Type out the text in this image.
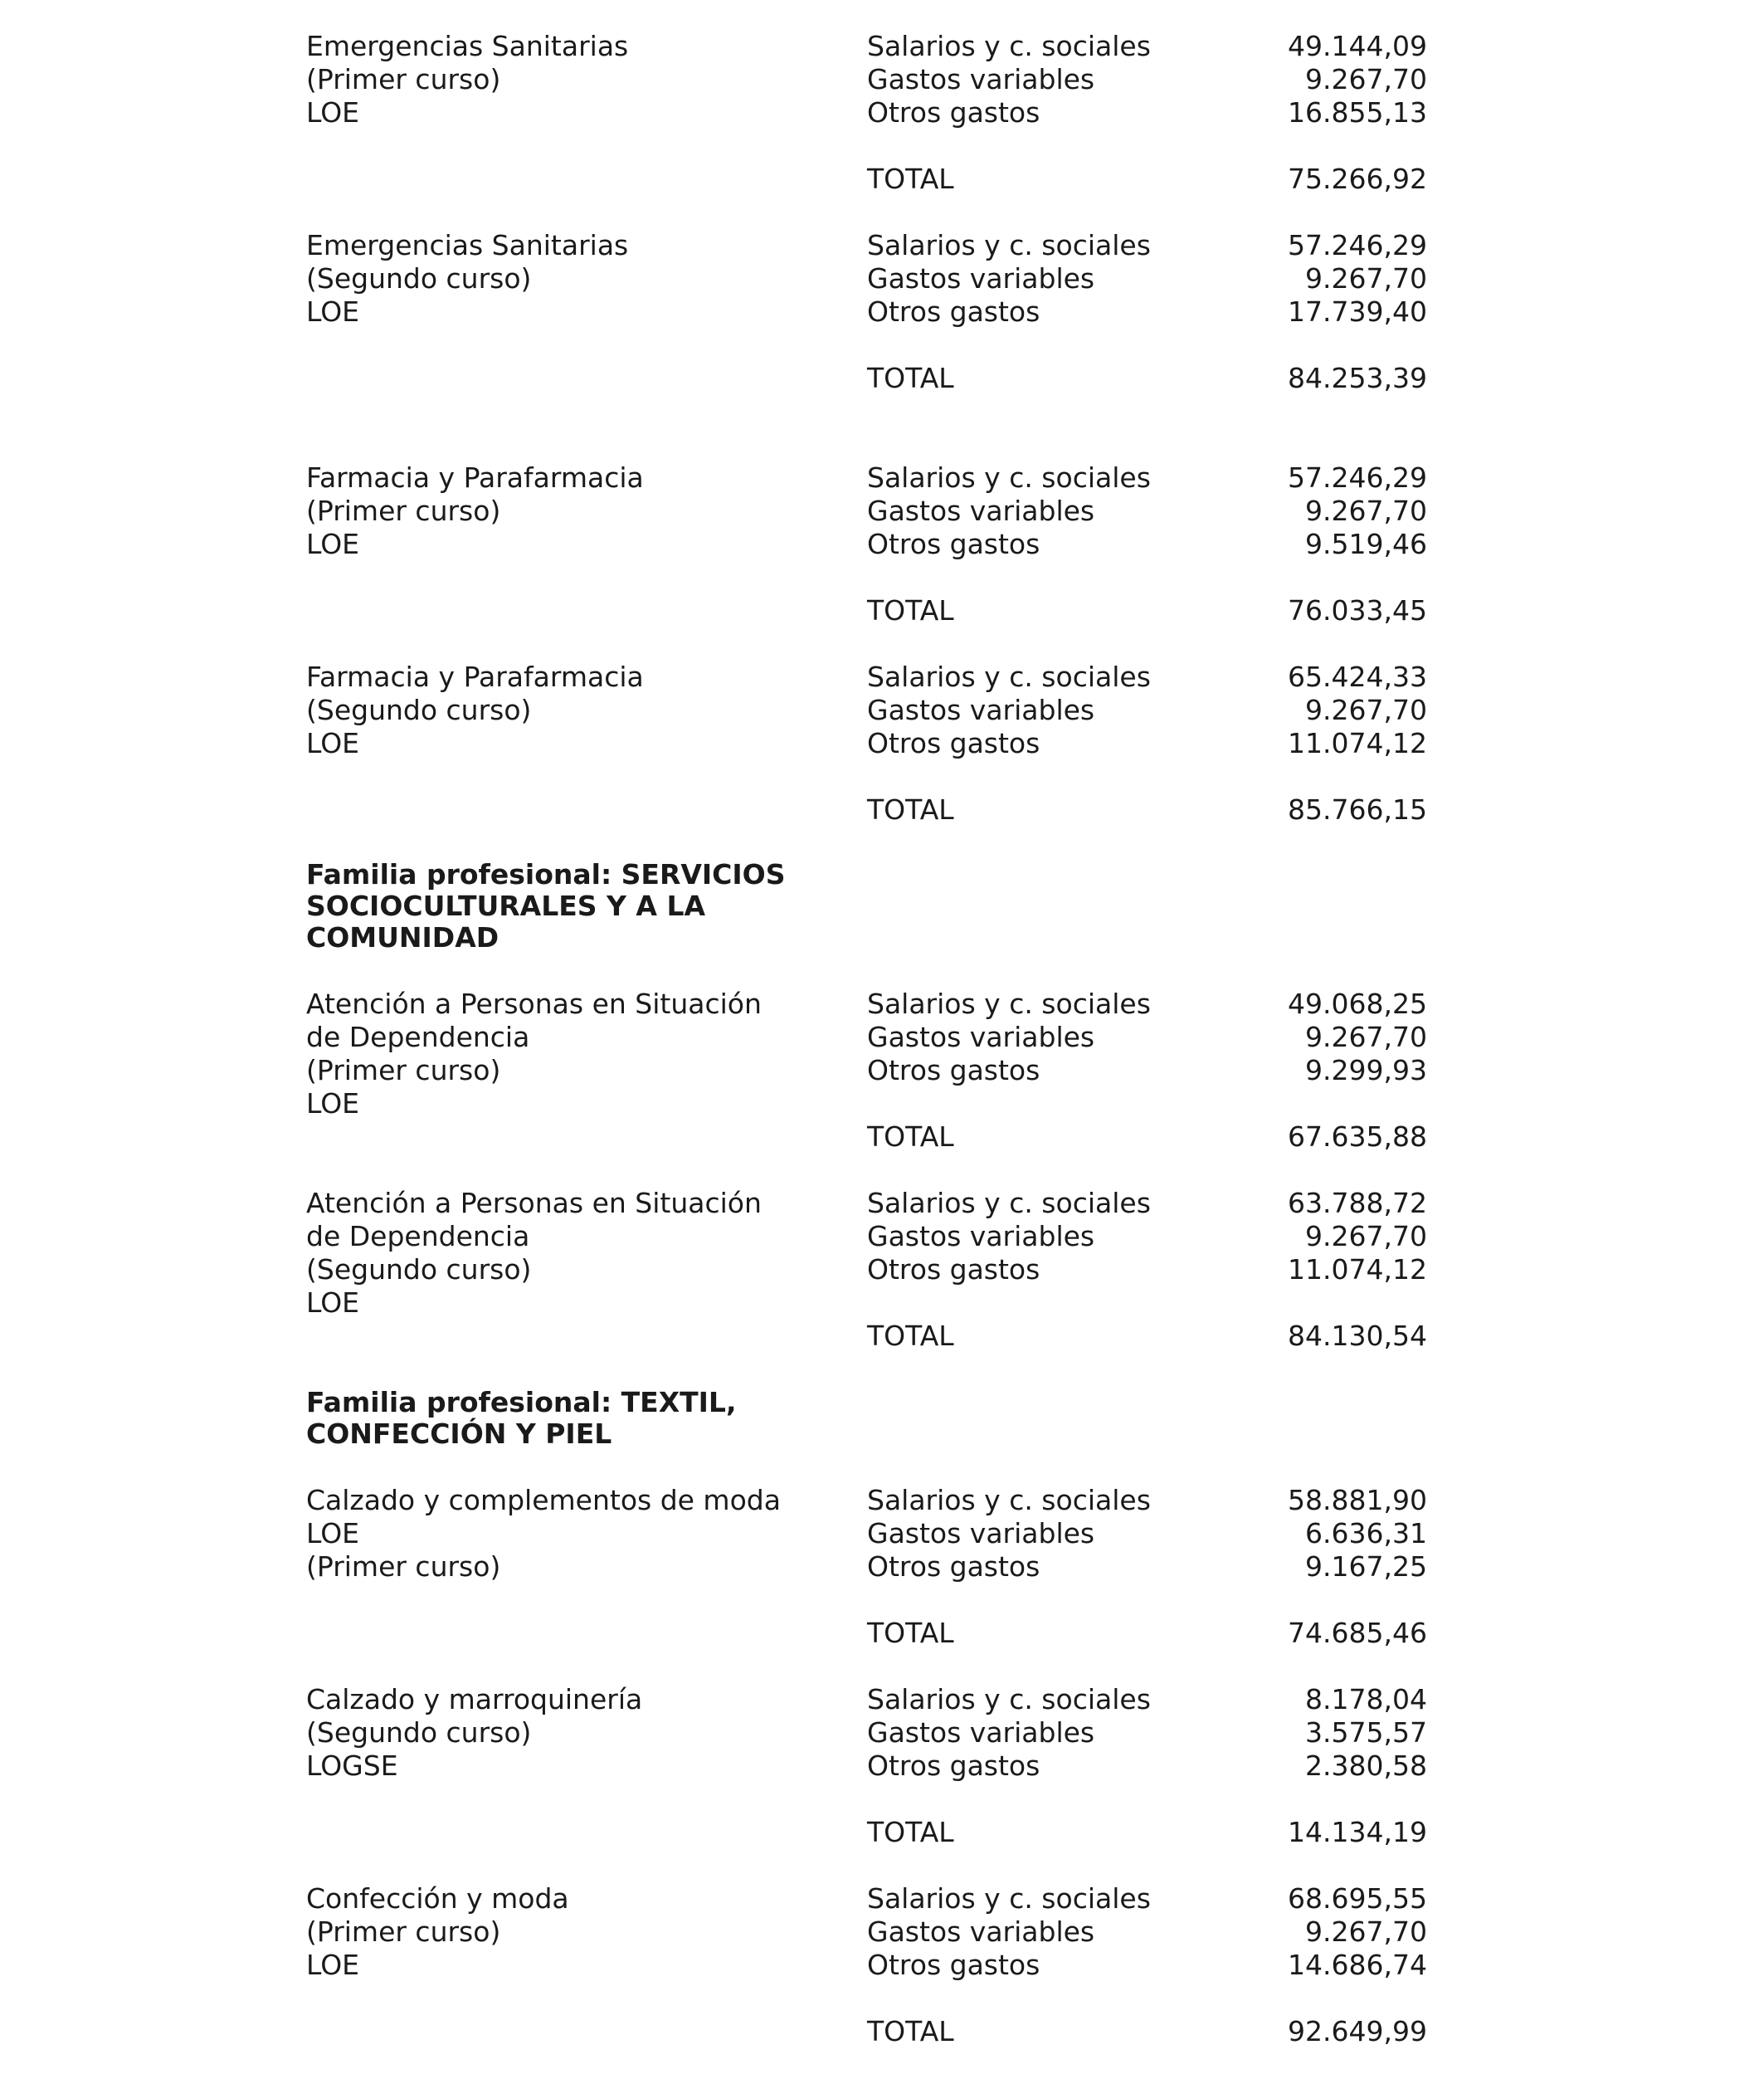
Emergencias Sanitarias
(Primer curso)
LOE
Salarios y c. sociales	49.144,09
Gastos variables	9.267,70
Otros gastos	16.855,13
TOTAL	75.266,92
Emergencias Sanitarias
(Segundo curso)
LOE
Salarios y c. sociales	57.246,29
Gastos variables	9.267,70
Otros gastos	17.739,40
TOTAL	84.253,39
Farmacia y Parafarmacia
(Primer curso)
LOE
Salarios y c. sociales	57.246,29
Gastos variables	9.267,70
Otros gastos	9.519,46
TOTAL	76.033,45
Farmacia y Parafarmacia
(Segundo curso)
LOE
Salarios y c. sociales	65.424,33
Gastos variables	9.267,70
Otros gastos	11.074,12
TOTAL	85.766,15
Familia profesional: SERVICIOS
SOCIOCULTURALES Y A LA
COMUNIDAD
Atención a Personas en Situación
de Dependencia
(Primer curso)
LOE
Salarios y c. sociales	49.068,25
Gastos variables	9.267,70
Otros gastos	9.299,93
TOTAL	67.635,88
Atención a Personas en Situación
de Dependencia
(Segundo curso)
LOE
Salarios y c. sociales	63.788,72
Gastos variables	9.267,70
Otros gastos	11.074,12
TOTAL	84.130,54
Familia profesional: TEXTIL,
CONFECCIÓN Y PIEL
Calzado y complementos de moda
LOE
(Primer curso)
Salarios y c. sociales	58.881,90
Gastos variables	6.636,31
Otros gastos	9.167,25
TOTAL	74.685,46
Calzado y marroquinería
(Segundo curso)
LOGSE
Salarios y c. sociales	8.178,04
Gastos variables	3.575,57
Otros gastos	2.380,58
TOTAL	14.134,19
Confección y moda
(Primer curso)
LOE
Salarios y c. sociales	68.695,55
Gastos variables	9.267,70
Otros gastos	14.686,74
TOTAL	92.649,99
